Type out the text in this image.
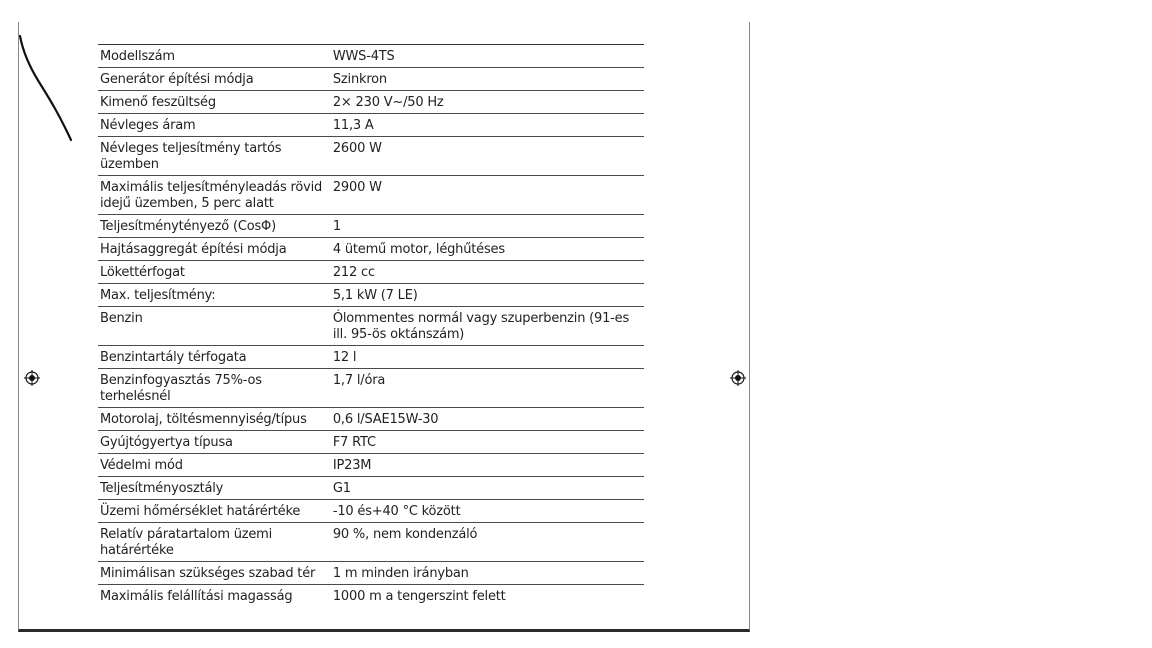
Modellszám	WWS-4TS
Generátor építési módja	Szinkron
Kimenő feszültség	2× 230 V~/50 Hz
Névleges áram	11,3 A
Névleges teljesítmény tartós üzemben	2600 W
Maximális teljesítményleadás rövid idejű üzemben, 5 perc alatt	2900 W
Teljesítménytényező (CosΦ)	1
Hajtásaggregát építési módja	4 ütemű motor, léghűtéses
Lökettérfogat	212 cc
Max. teljesítmény:	5,1 kW (7 LE)
Benzin	Ólommentes normál vagy szuperbenzin (91-es ill. 95-ös oktánszám)
Benzintartály térfogata	12 l
Benzinfogyasztás 75%-os terhelésnél	1,7 l/óra
Motorolaj, töltésmennyiség/típus	0,6 l/SAE15W-30
Gyújtógyertya típusa	F7 RTC
Védelmi mód	IP23M
Teljesítményosztály	G1
Üzemi hőmérséklet határértéke	-10 és+40 °C között
Relatív páratartalom üzemi határértéke	90 %, nem kondenzáló
Minimálisan szükséges szabad tér	1 m minden irányban
Maximális felállítási magasság	1000 m a tengerszint felett
